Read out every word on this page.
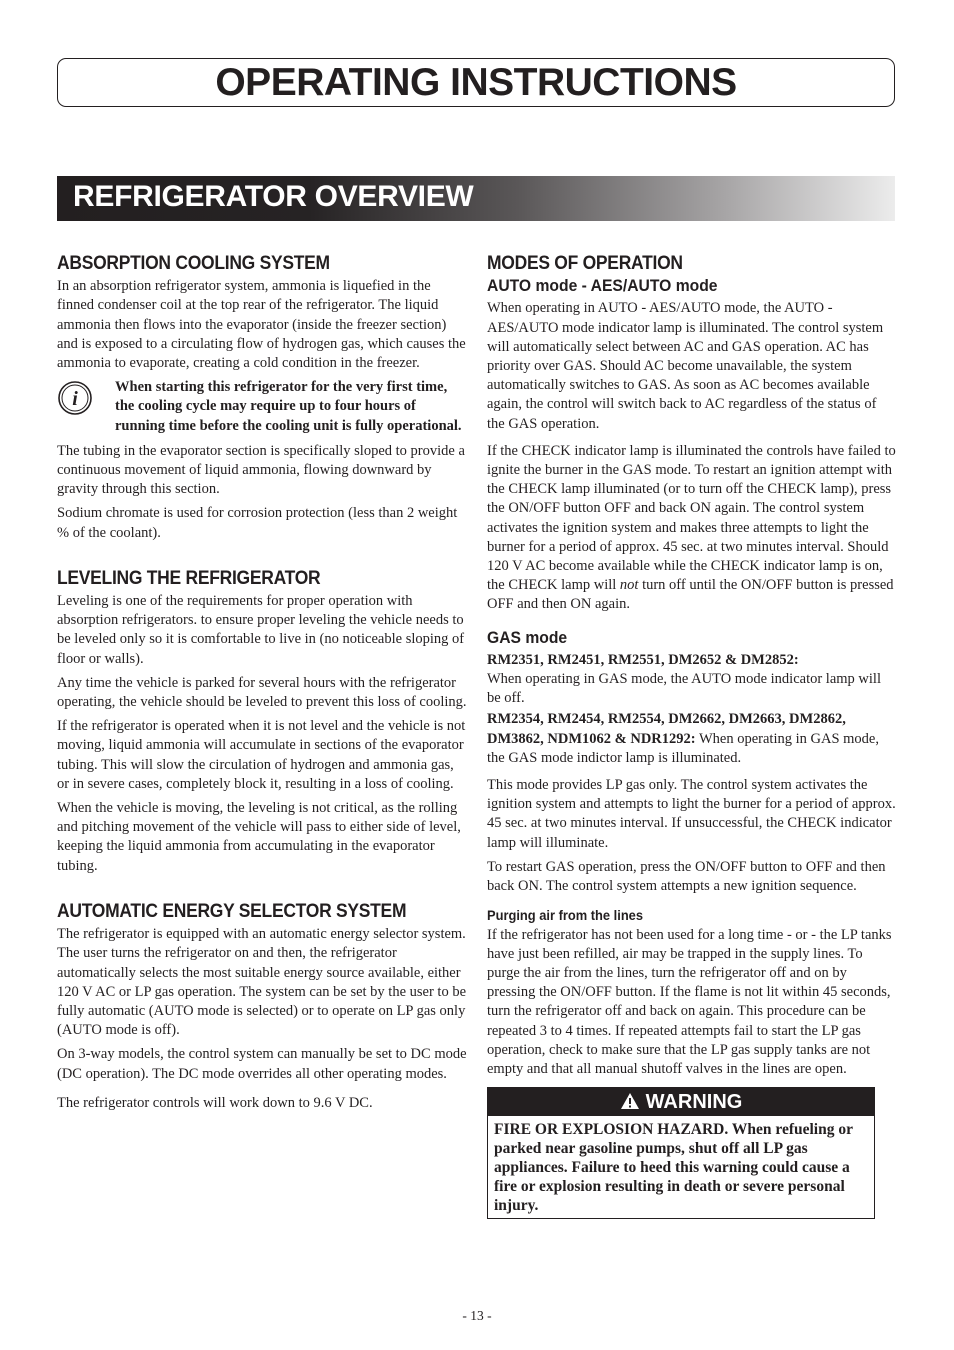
OPERATING INSTRUCTIONS
REFRIGERATOR OVERVIEW
ABSORPTION COOLING SYSTEM

In an absorption refrigerator system, ammonia is liquefied in the finned condenser coil at the top rear of the refrigerator. The liquid ammonia then flows into the evaporator (inside the freezer section) and is exposed to a circulating flow of hydrogen gas, which causes the ammonia to evaporate, creating a cold condition in the freezer.

i
When starting this refrigerator for the very first time, the cooling cycle may require up to four hours of running time before the cooling unit is fully operational.

The tubing in the evaporator section is specifically sloped to provide a continuous movement of liquid ammonia, flowing downward by gravity through this section.

Sodium chromate is used for corrosion protection (less than 2 weight % of the coolant).

LEVELING THE REFRIGERATOR

Leveling is one of the requirements for proper operation with absorption refrigerators. to ensure proper leveling the vehicle needs to be leveled only so it is comfortable to live in (no noticeable sloping of floor or walls).

Any time the vehicle is parked for several hours with the refrigerator operating, the vehicle should be leveled to prevent this loss of cooling.

If the refrigerator is operated when it is not level and the vehicle is not moving, liquid ammonia will accumulate in sections of the evaporator tubing. This will slow the circulation of hydrogen and ammonia gas, or in severe cases, completely block it, resulting in a loss of cooling.

When the vehicle is moving, the leveling is not critical, as the rolling and pitching movement of the vehicle will pass to either side of level, keeping the liquid ammonia from accumulating in the evaporator tubing.

AUTOMATIC ENERGY SELECTOR SYSTEM

The refrigerator is equipped with an automatic energy selector system. The user turns the refrigerator on and then, the refrigerator automatically selects the most suitable energy source available, either 120 V AC or LP gas operation. The system can be set by the user to be fully automatic (AUTO mode is selected) or to operate on LP gas only (AUTO mode is off).

On 3-way models, the control system can manually be set to DC mode (DC operation). The DC mode overrides all other operating modes.

The refrigerator controls will work down to 9.6 V DC.

MODES OF OPERATION
AUTO mode - AES/AUTO mode

When operating in AUTO - AES/AUTO mode, the AUTO - AES/AUTO mode indicator lamp is illuminated. The control system will automatically select between AC and GAS operation. AC has priority over GAS. Should AC become unavailable, the system automatically switches to GAS. As soon as AC becomes available again, the control will switch back to AC regardless of the status of the GAS operation.

If the CHECK indicator lamp is illuminated the controls have failed to ignite the burner in the GAS mode. To restart an ignition attempt with the CHECK lamp illuminated (or to turn off the CHECK lamp), press the ON/OFF button OFF and back ON again. The control system activates the ignition system and makes three attempts to light the burner for a period of approx. 45 sec. at two minutes interval. Should 120 V AC become available while the CHECK indicator lamp is on, the CHECK lamp will not turn off until the ON/OFF button is pressed OFF and then ON again.

GAS mode

RM2351, RM2451, RM2551, DM2652 & DM2852:
When operating in GAS mode, the AUTO mode indicator lamp will be off.

RM2354, RM2454, RM2554, DM2662, DM2663, DM2862, DM3862, NDM1062 & NDR1292: When operating in GAS mode, the GAS mode indictor lamp is illuminated.

This mode provides LP gas only. The control system activates the ignition system and attempts to light the burner for a period of approx. 45 sec. at two minutes interval. If unsuccessful, the CHECK indicator lamp will illuminate.

To restart GAS operation, press the ON/OFF button to OFF and then back ON. The control system attempts a new ignition sequence.

Purging air from the lines

If the refrigerator has not been used for a long time - or - the LP tanks have just been refilled, air may be trapped in the supply lines. To purge the air from the lines, turn the refrigerator off and on by pressing the ON/OFF button. If the flame is not lit within 45 seconds, turn the refrigerator off and back on again. This procedure can be repeated 3 to 4 times. If repeated attempts fail to start the LP gas operation, check to make sure that the LP gas supply tanks are not empty and that all manual shutoff valves in the lines are open.

WARNING
FIRE OR EXPLOSION HAZARD. When refueling or parked near gasoline pumps, shut off all LP gas appliances. Failure to heed this warning could cause a fire or explosion resulting in death or severe personal injury.
- 13 -
